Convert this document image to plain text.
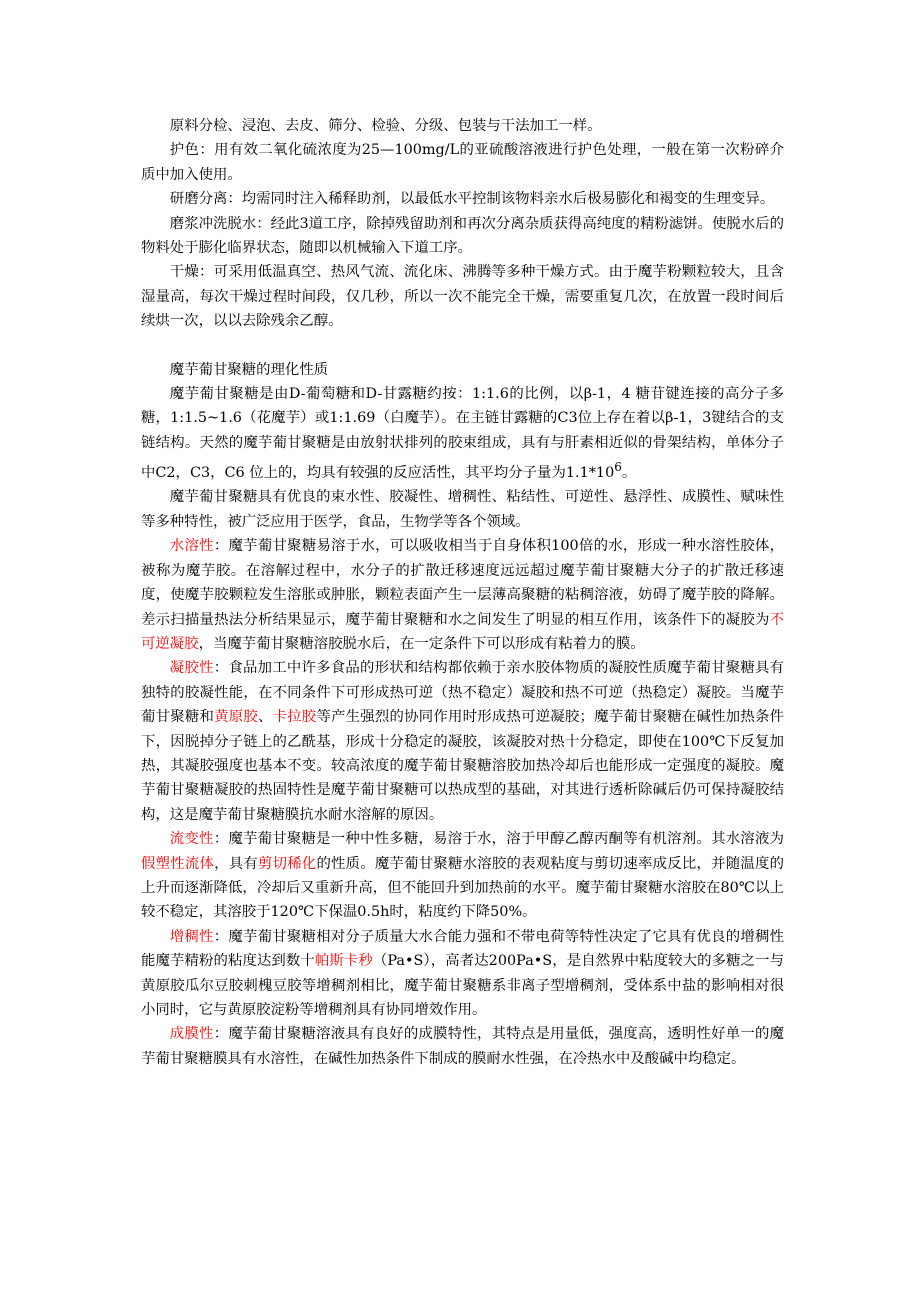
原料分检、浸泡、去皮、筛分、检验、分级、包装与干法加工一样。

护色：用有效二氧化硫浓度为25—100mg/L的亚硫酸溶液进行护色处理，一般在第一次粉碎介质中加入使用。

研磨分离：均需同时注入稀释助剂，以最低水平控制该物料亲水后极易膨化和褐变的生理变异。

磨浆冲洗脱水：经此3道工序，除掉残留助剂和再次分离杂质获得高纯度的精粉滤饼。使脱水后的物料处于膨化临界状态，随即以机械输入下道工序。

干燥：可采用低温真空、热风气流、流化床、沸腾等多种干燥方式。由于魔芋粉颗粒较大，且含湿量高，每次干燥过程时间段，仅几秒，所以一次不能完全干燥，需要重复几次，在放置一段时间后续烘一次，以以去除残余乙醇。

魔芋葡甘聚糖的理化性质

魔芋葡甘聚糖是由D-葡萄糖和D-甘露糖约按：1:1.6的比例，以β-1，4 糖苷键连接的高分子多糖，1:1.5~1.6（花魔芋）或1:1.69（白魔芋）。在主链甘露糖的C3位上存在着以β-1，3键结合的支链结构。天然的魔芋葡甘聚糖是由放射状排列的胶束组成，具有与肝素相近似的骨架结构，单体分子中C2，C3，C6 位上的，均具有较强的反应活性，其平均分子量为$1.1*10^6$。

魔芋葡甘聚糖具有优良的束水性、胶凝性、增稠性、粘结性、可逆性、悬浮性、成膜性、赋味性等多种特性，被广泛应用于医学，食品，生物学等各个领域。

水溶性：魔芋葡甘聚糖易溶于水，可以吸收相当于自身体积100倍的水，形成一种水溶性胶体，被称为魔芋胶。在溶解过程中，水分子的扩散迁移速度远远超过魔芋葡甘聚糖大分子的扩散迁移速度，使魔芋胶颗粒发生溶胀或肿胀，颗粒表面产生一层薄高聚糖的粘稠溶液，妨碍了魔芋胶的降解。差示扫描量热法分析结果显示，魔芋葡甘聚糖和水之间发生了明显的相互作用，该条件下的凝胶为不可逆凝胶，当魔芋葡甘聚糖溶胶脱水后，在一定条件下可以形成有粘着力的膜。

凝胶性：食品加工中许多食品的形状和结构都依赖于亲水胶体物质的凝胶性质魔芋葡甘聚糖具有独特的胶凝性能，在不同条件下可形成热可逆（热不稳定）凝胶和热不可逆（热稳定）凝胶。当魔芋葡甘聚糖和黄原胶、卡拉胶等产生强烈的协同作用时形成热可逆凝胶；魔芋葡甘聚糖在碱性加热条件下，因脱掉分子链上的乙酰基，形成十分稳定的凝胶，该凝胶对热十分稳定，即使在100℃下反复加热，其凝胶强度也基本不变。较高浓度的魔芋葡甘聚糖溶胶加热冷却后也能形成一定强度的凝胶。魔芋葡甘聚糖凝胶的热固特性是魔芋葡甘聚糖可以热成型的基础，对其进行透析除碱后仍可保持凝胶结构，这是魔芋葡甘聚糖膜抗水耐水溶解的原因。

流变性：魔芋葡甘聚糖是一种中性多糖，易溶于水，溶于甲醇乙醇丙酮等有机溶剂。其水溶液为假塑性流体，具有剪切稀化的性质。魔芋葡甘聚糖水溶胶的表观粘度与剪切速率成反比，并随温度的上升而逐渐降低，冷却后又重新升高，但不能回升到加热前的水平。魔芋葡甘聚糖水溶胶在80℃以上较不稳定，其溶胶于120℃下保温0.5h时，粘度约下降50%。

增稠性：魔芋葡甘聚糖相对分子质量大水合能力强和不带电荷等特性决定了它具有优良的增稠性能魔芋精粉的粘度达到数十帕斯卡秒（Pa•S），高者达200Pa•S，是自然界中粘度较大的多糖之一与黄原胶瓜尔豆胶刺槐豆胶等增稠剂相比，魔芋葡甘聚糖系非离子型增稠剂，受体系中盐的影响相对很小同时，它与黄原胶淀粉等增稠剂具有协同增效作用。

成膜性：魔芋葡甘聚糖溶液具有良好的成膜特性，其特点是用量低，强度高，透明性好单一的魔芋葡甘聚糖膜具有水溶性，在碱性加热条件下制成的膜耐水性强，在冷热水中及酸碱中均稳定。
